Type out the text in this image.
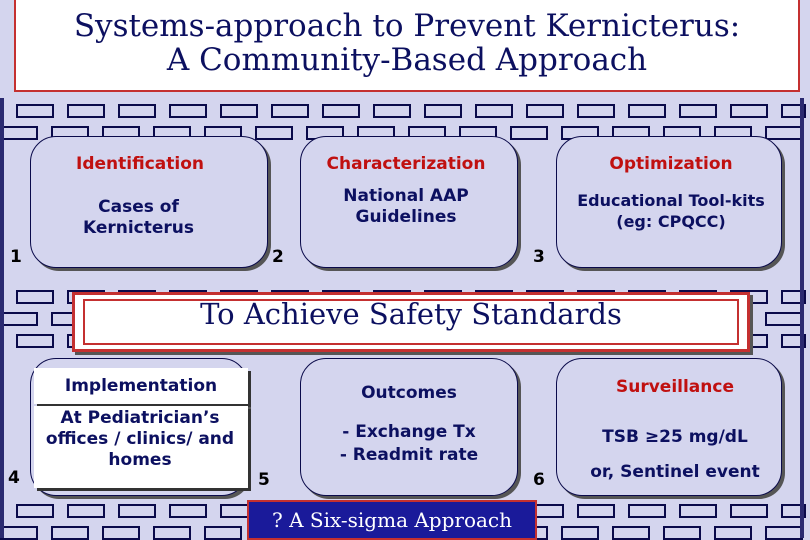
Systems-approach to Prevent Kernicterus:
A Community-Based Approach
Identification
Cases of Kernicterus
1
Characterization
National AAP Guidelines
2
Optimization
Educational Tool-kits (eg: CPQCC)
3
To Achieve Safety Standards
Implementation
At Pediatrician’s offices / clinics/ and homes
4
Outcomes
- Exchange Tx
- Readmit rate
5
Surveillance
TSB ≥25 mg/dL
or, Sentinel event
6
? A Six-sigma Approach
